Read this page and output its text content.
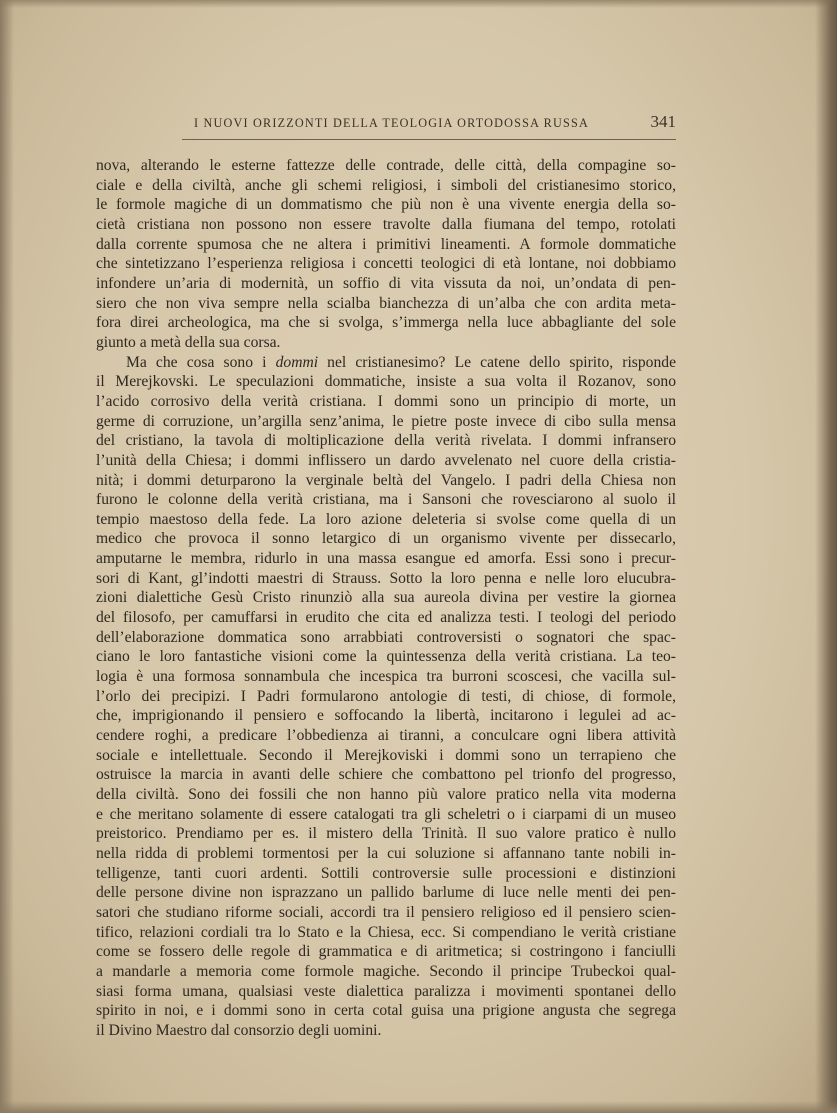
I NUOVI ORIZZONTI DELLA TEOLOGIA ORTODOSSA RUSSA	341
nova, alterando le esterne fattezze delle contrade, delle città, della compagine so-
ciale e della civiltà, anche gli schemi religiosi, i simboli del cristianesimo storico,
le formole magiche di un dommatismo che più non è una vivente energia della so-
cietà cristiana non possono non essere travolte dalla fiumana del tempo, rotolati
dalla corrente spumosa che ne altera i primitivi lineamenti. A formole dommatiche
che sintetizzano l’esperienza religiosa i concetti teologici di età lontane, noi dobbiamo
infondere un’aria di modernità, un soffio di vita vissuta da noi, un’ondata di pen-
siero che non viva sempre nella scialba bianchezza di un’alba che con ardita meta-
fora direi archeologica, ma che si svolga, s’immerga nella luce abbagliante del sole
giunto a metà della sua corsa.
Ma che cosa sono i dommi nel cristianesimo? Le catene dello spirito, risponde
il Merejkovski. Le speculazioni dommatiche, insiste a sua volta il Rozanov, sono
l’acido corrosivo della verità cristiana. I dommi sono un principio di morte, un
germe di corruzione, un’argilla senz’anima, le pietre poste invece di cibo sulla mensa
del cristiano, la tavola di moltiplicazione della verità rivelata. I dommi infransero
l’unità della Chiesa; i dommi inflissero un dardo avvelenato nel cuore della cristia-
nità; i dommi deturparono la verginale beltà del Vangelo. I padri della Chiesa non
furono le colonne della verità cristiana, ma i Sansoni che rovesciarono al suolo il
tempio maestoso della fede. La loro azione deleteria si svolse come quella di un
medico che provoca il sonno letargico di un organismo vivente per dissecarlo,
amputarne le membra, ridurlo in una massa esangue ed amorfa. Essi sono i precur-
sori di Kant, gl’indotti maestri di Strauss. Sotto la loro penna e nelle loro elucubra-
zioni dialettiche Gesù Cristo rinunziò alla sua aureola divina per vestire la giornea
del filosofo, per camuffarsi in erudito che cita ed analizza testi. I teologi del periodo
dell’elaborazione dommatica sono arrabbiati controversisti o sognatori che spac-
ciano le loro fantastiche visioni come la quintessenza della verità cristiana. La teo-
logia è una formosa sonnambula che incespica tra burroni scoscesi, che vacilla sul-
l’orlo dei precipizi. I Padri formularono antologie di testi, di chiose, di formole,
che, imprigionando il pensiero e soffocando la libertà, incitarono i legulei ad ac-
cendere roghi, a predicare l’obbedienza ai tiranni, a conculcare ogni libera attività
sociale e intellettuale. Secondo il Merejkoviski i dommi sono un terrapieno che
ostruisce la marcia in avanti delle schiere che combattono pel trionfo del progresso,
della civiltà. Sono dei fossili che non hanno più valore pratico nella vita moderna
e che meritano solamente di essere catalogati tra gli scheletri o i ciarpami di un museo
preistorico. Prendiamo per es. il mistero della Trinità. Il suo valore pratico è nullo
nella ridda di problemi tormentosi per la cui soluzione si affannano tante nobili in-
telligenze, tanti cuori ardenti. Sottili controversie sulle processioni e distinzioni
delle persone divine non isprazzano un pallido barlume di luce nelle menti dei pen-
satori che studiano riforme sociali, accordi tra il pensiero religioso ed il pensiero scien-
tifico, relazioni cordiali tra lo Stato e la Chiesa, ecc. Si compendiano le verità cristiane
come se fossero delle regole di grammatica e di aritmetica; si costringono i fanciulli
a mandarle a memoria come formole magiche. Secondo il principe Trubeckoi qual-
siasi forma umana, qualsiasi veste dialettica paralizza i movimenti spontanei dello
spirito in noi, e i dommi sono in certa cotal guisa una prigione angusta che segrega
il Divino Maestro dal consorzio degli uomini.
